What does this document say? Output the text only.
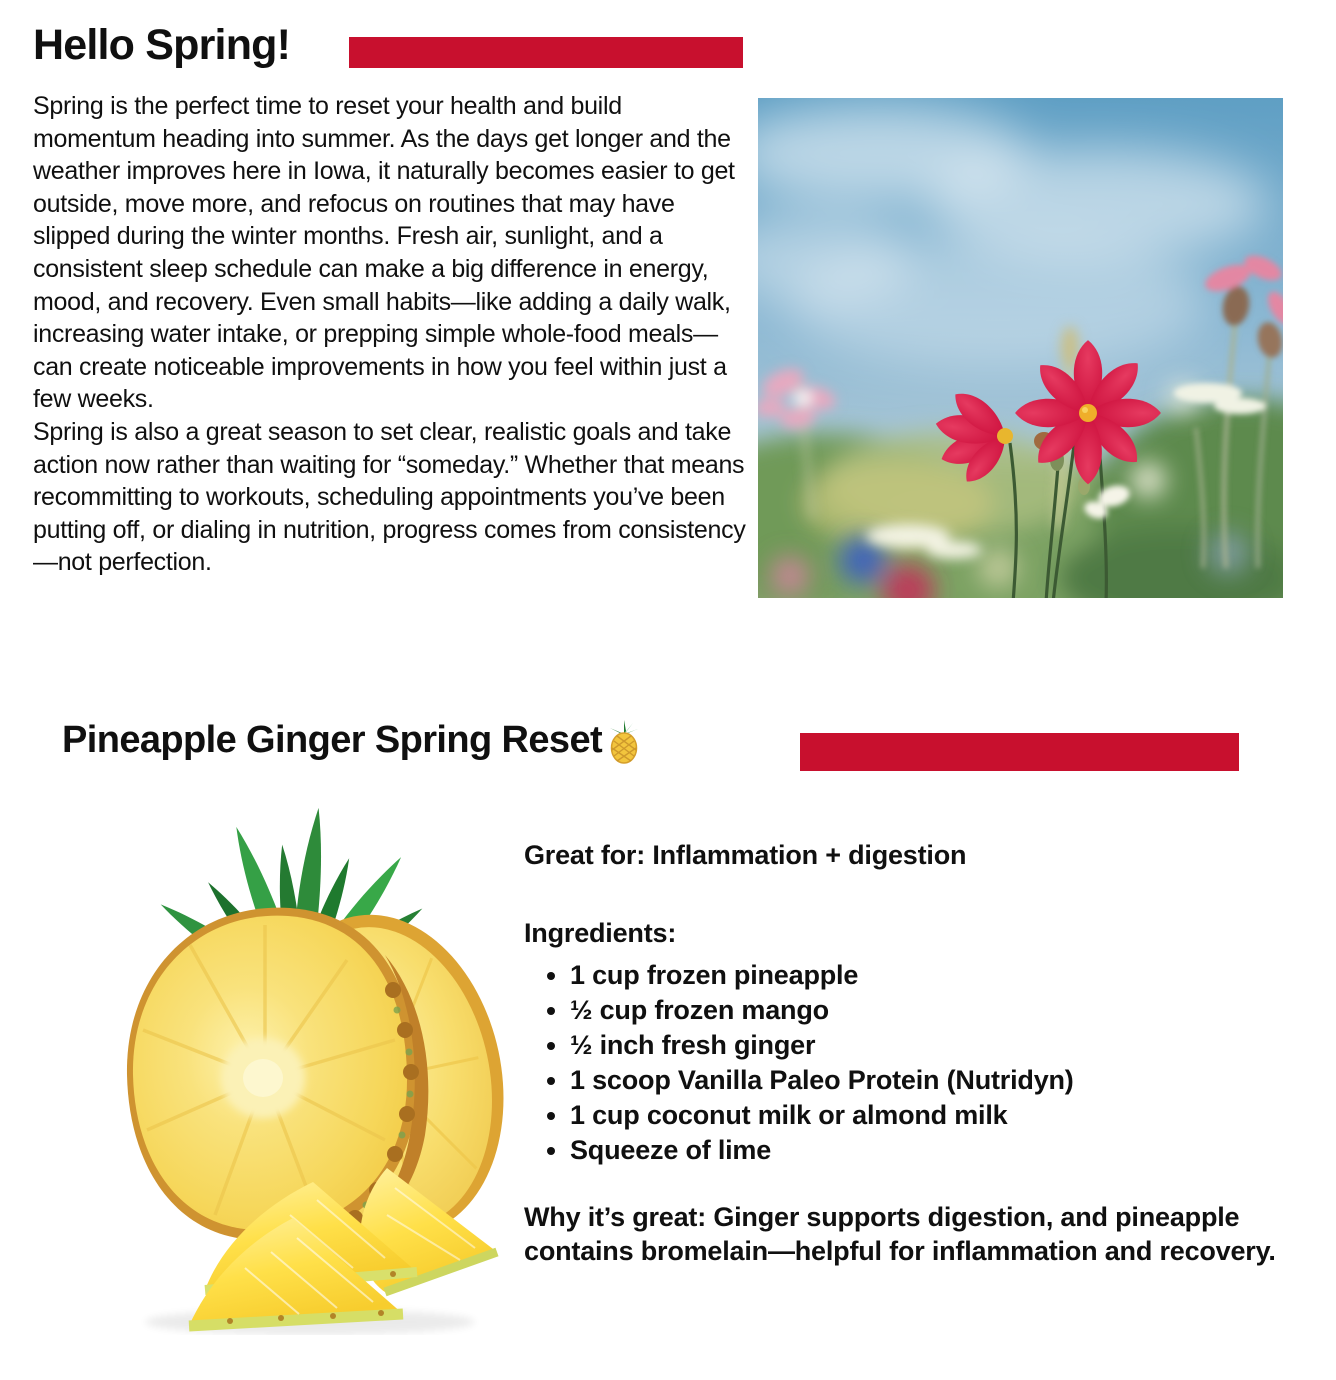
Hello Spring!

Spring is the perfect time to reset your health and build momentum heading into summer. As the days get longer and the weather improves here in Iowa, it naturally becomes easier to get outside, move more, and refocus on routines that may have slipped during the winter months. Fresh air, sunlight, and a consistent sleep schedule can make a big difference in energy, mood, and recovery. Even small habits—like adding a daily walk, increasing water intake, or prepping simple whole-food meals—can create noticeable improvements in how you feel within just a few weeks.

Spring is also a great season to set clear, realistic goals and take action now rather than waiting for “someday.” Whether that means recommitting to workouts, scheduling appointments you’ve been putting off, or dialing in nutrition, progress comes from consistency—not perfection.

Pineapple Ginger Spring Reset

Great for: Inflammation + digestion

Ingredients:

• 1 cup frozen pineapple
• ½ cup frozen mango
• ½ inch fresh ginger
• 1 scoop Vanilla Paleo Protein (Nutridyn)
• 1 cup coconut milk or almond milk
• Squeeze of lime

Why it’s great: Ginger supports digestion, and pineapple contains bromelain—helpful for inflammation and recovery.
